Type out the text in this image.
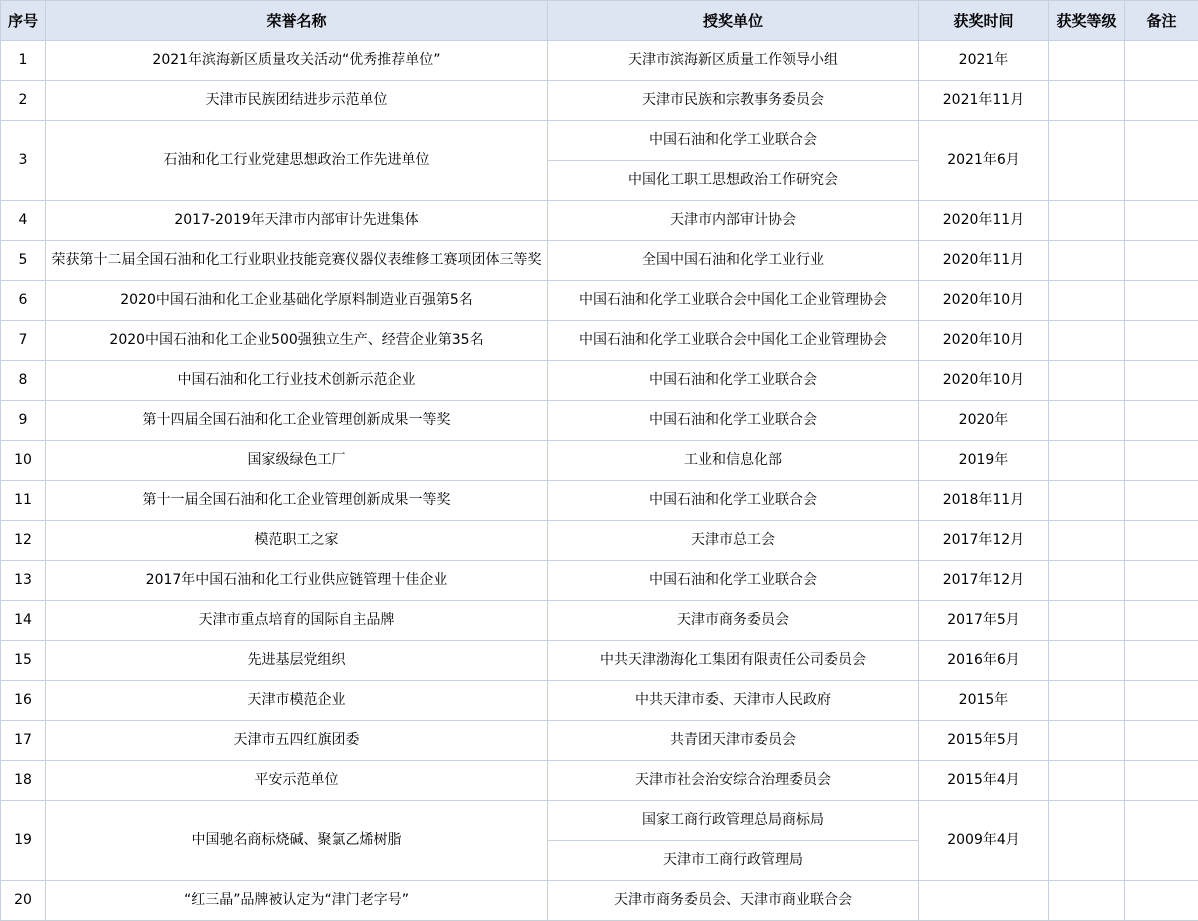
序号	荣誉名称	授奖单位	获奖时间	获奖等级	备注
1	2021年滨海新区质量攻关活动“优秀推荐单位”	天津市滨海新区质量工作领导小组	2021年		
2	天津市民族团结进步示范单位	天津市民族和宗教事务委员会	2021年11月		
3	石油和化工行业党建思想政治工作先进单位	中国石油和化学工业联合会	2021年6月		
		中国化工职工思想政治工作研究会			
4	2017-2019年天津市内部审计先进集体	天津市内部审计协会	2020年11月		
5	荣获第十二届全国石油和化工行业职业技能竞赛仪器仪表维修工赛项团体三等奖	全国中国石油和化学工业行业	2020年11月		
6	2020中国石油和化工企业基础化学原料制造业百强第5名	中国石油和化学工业联合会中国化工企业管理协会	2020年10月		
7	2020中国石油和化工企业500强独立生产、经营企业第35名	中国石油和化学工业联合会中国化工企业管理协会	2020年10月		
8	中国石油和化工行业技术创新示范企业	中国石油和化学工业联合会	2020年10月		
9	第十四届全国石油和化工企业管理创新成果一等奖	中国石油和化学工业联合会	2020年		
10	国家级绿色工厂	工业和信息化部	2019年		
11	第十一届全国石油和化工企业管理创新成果一等奖	中国石油和化学工业联合会	2018年11月		
12	模范职工之家	天津市总工会	2017年12月		
13	2017年中国石油和化工行业供应链管理十佳企业	中国石油和化学工业联合会	2017年12月		
14	天津市重点培育的国际自主品牌	天津市商务委员会	2017年5月		
15	先进基层党组织	中共天津渤海化工集团有限责任公司委员会	2016年6月		
16	天津市模范企业	中共天津市委、天津市人民政府	2015年		
17	天津市五四红旗团委	共青团天津市委员会	2015年5月		
18	平安示范单位	天津市社会治安综合治理委员会	2015年4月		
19	中国驰名商标烧碱、聚氯乙烯树脂	国家工商行政管理总局商标局	2009年4月		
		天津市工商行政管理局			
20	“红三晶”品牌被认定为“津门老字号”	天津市商务委员会、天津市商业联合会			
